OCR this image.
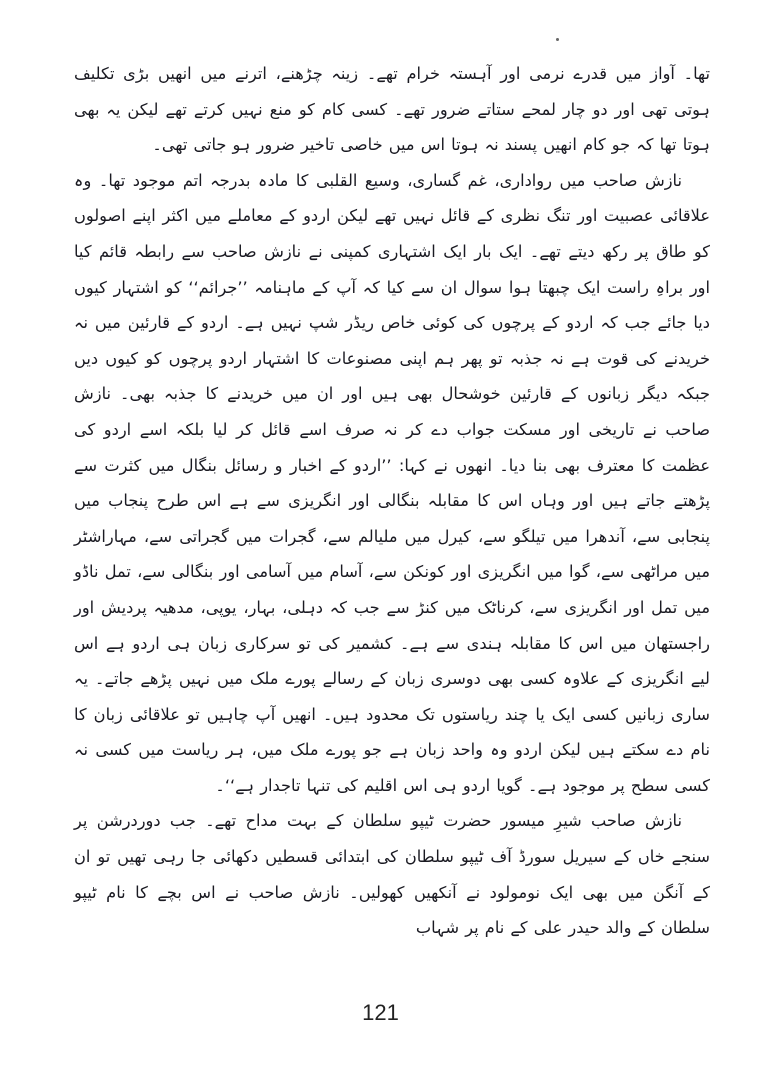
تھا۔ آواز میں قدرے نرمی اور آہستہ خرام تھے۔ زینہ چڑھنے، اترنے میں انھیں بڑی تکلیف ہوتی تھی اور دو چار لمحے ستاتے ضرور تھے۔ کسی کام کو منع نہیں کرتے تھے لیکن یہ بھی ہوتا تھا کہ جو کام انھیں پسند نہ ہوتا اس میں خاصی تاخیر ضرور ہو جاتی تھی۔

نازش صاحب میں رواداری، غم گساری، وسیع القلبی کا مادہ بدرجہ اتم موجود تھا۔ وہ علاقائی عصبیت اور تنگ نظری کے قائل نہیں تھے لیکن اردو کے معاملے میں اکثر اپنے اصولوں کو طاق پر رکھ دیتے تھے۔ ایک بار ایک اشتہاری کمپنی نے نازش صاحب سے رابطہ قائم کیا اور براہِ راست ایک چبھتا ہوا سوال ان سے کیا کہ آپ کے ماہنامہ ’’جرائم‘‘ کو اشتہار کیوں دیا جائے جب کہ اردو کے پرچوں کی کوئی خاص ریڈر شپ نہیں ہے۔ اردو کے قارئین میں نہ خریدنے کی قوت ہے نہ جذبہ تو پھر ہم اپنی مصنوعات کا اشتہار اردو پرچوں کو کیوں دیں جبکہ دیگر زبانوں کے قارئین خوشحال بھی ہیں اور ان میں خریدنے کا جذبہ بھی۔ نازش صاحب نے تاریخی اور مسکت جواب دے کر نہ صرف اسے قائل کر لیا بلکہ اسے اردو کی عظمت کا معترف بھی بنا دیا۔ انھوں نے کہا: ’’اردو کے اخبار و رسائل بنگال میں کثرت سے پڑھتے جاتے ہیں اور وہاں اس کا مقابلہ بنگالی اور انگریزی سے ہے اس طرح پنجاب میں پنجابی سے، آندھرا میں تیلگو سے، کیرل میں ملیالم سے، گجرات میں گجراتی سے، مہاراشٹر میں مراٹھی سے، گوا میں انگریزی اور کونکن سے، آسام میں آسامی اور بنگالی سے، تمل ناڈو میں تمل اور انگریزی سے، کرناٹک میں کنڑ سے جب کہ دہلی، بہار، یوپی، مدھیہ پردیش اور راجستھان میں اس کا مقابلہ ہندی سے ہے۔ کشمیر کی تو سرکاری زبان ہی اردو ہے اس لیے انگریزی کے علاوہ کسی بھی دوسری زبان کے رسالے پورے ملک میں نہیں پڑھے جاتے۔ یہ ساری زبانیں کسی ایک یا چند ریاستوں تک محدود ہیں۔ انھیں آپ چاہیں تو علاقائی زبان کا نام دے سکتے ہیں لیکن اردو وہ واحد زبان ہے جو پورے ملک میں، ہر ریاست میں کسی نہ کسی سطح پر موجود ہے۔ گویا اردو ہی اس اقلیم کی تنہا تاجدار ہے‘‘۔

نازش صاحب شیرِ میسور حضرت ٹیپو سلطان کے بہت مداح تھے۔ جب دوردرشن پر سنجے خاں کے سیریل سورڈ آف ٹیپو سلطان کی ابتدائی قسطیں دکھائی جا رہی تھیں تو ان کے آنگن میں بھی ایک نومولود نے آنکھیں کھولیں۔ نازش صاحب نے اس بچے کا نام ٹیپو سلطان کے والد حیدر علی کے نام پر شہاب

121
